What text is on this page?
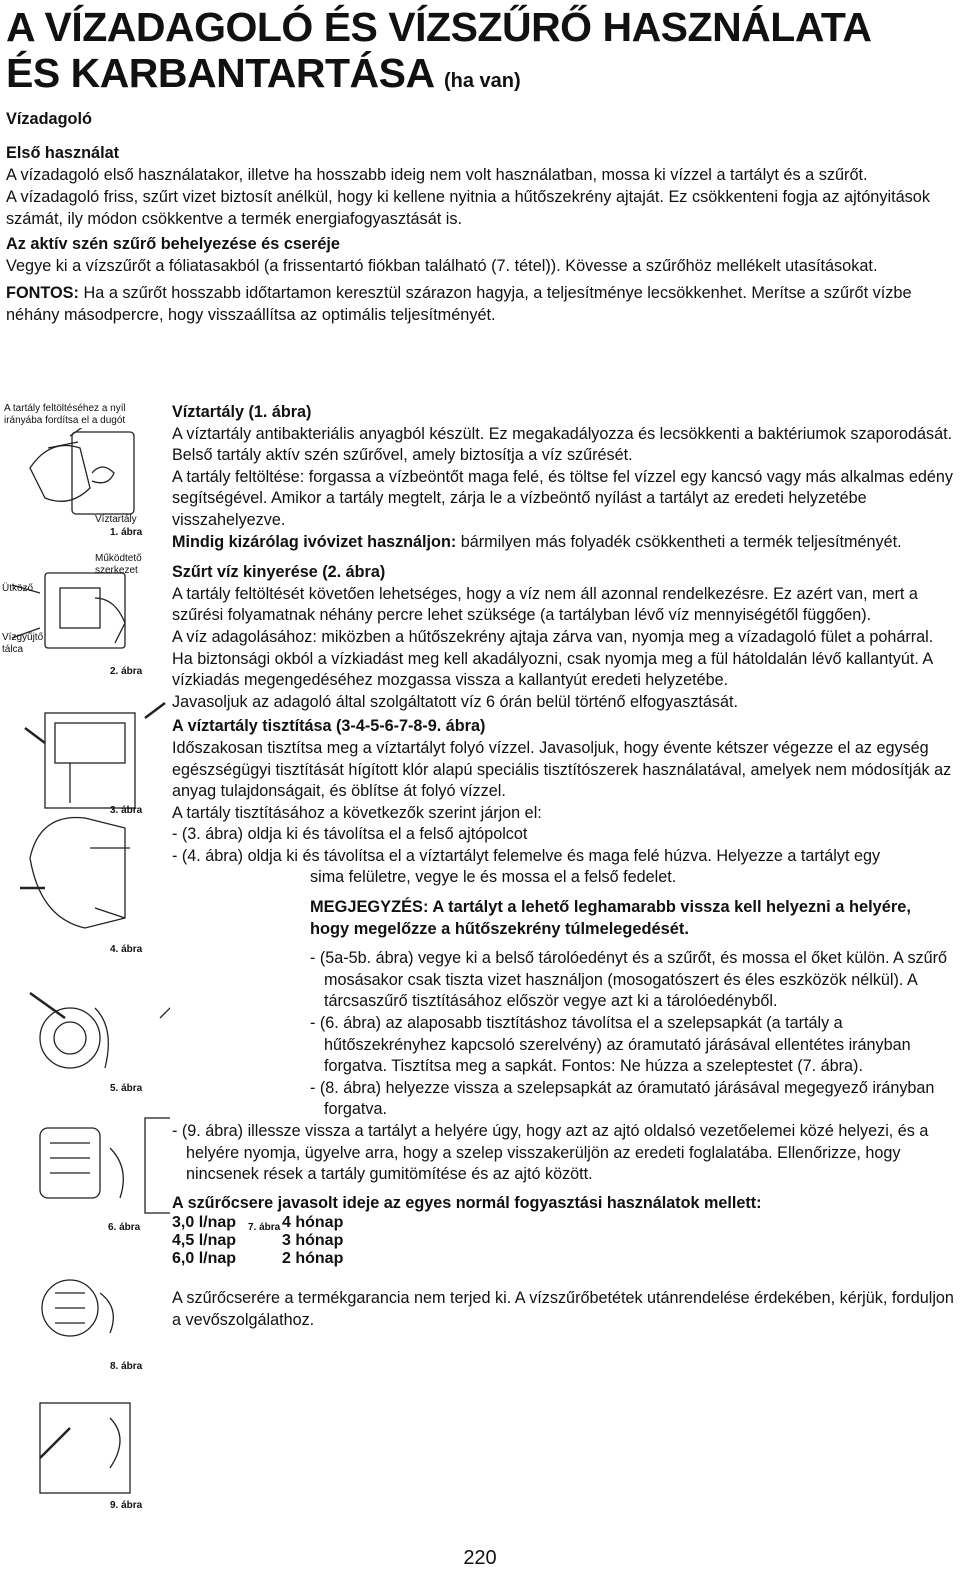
A VÍZADAGOLÓ ÉS VÍZSZŰRŐ HASZNÁLATA
ÉS KARBANTARTÁSA (ha van)

Vízadagoló

Első használat

A vízadagoló első használatakor, illetve ha hosszabb ideig nem volt használatban, mossa ki vízzel a tartályt és a szűrőt.

A vízadagoló friss, szűrt vizet biztosít anélkül, hogy ki kellene nyitnia a hűtőszekrény ajtaját. Ez csökkenteni fogja az ajtónyitások számát, ily módon csökkentve a termék energiafogyasztását is.

Az aktív szén szűrő behelyezése és cseréje

Vegye ki a vízszűrőt a fóliatasakból (a frissentartó fiókban található (7. tétel)). Kövesse a szűrőhöz mellékelt utasításokat.

FONTOS: Ha a szűrőt hosszabb időtartamon keresztül szárazon hagyja, a teljesítménye lecsökkenhet. Merítse a szűrőt vízbe néhány másodpercre, hogy visszaállítsa az optimális teljesítményét.

A tartály feltöltéséhez a nyíl irányába fordítsa el a dugót
Víztartály
1. ábra
Működtető szerkezet
Ütköző
Vízgyűjtő tálca
2. ábra
3. ábra
4. ábra
5. ábra
6. ábra	7. ábra
8. ábra
9. ábra

Víztartály (1. ábra)

A víztartály antibakteriális anyagból készült. Ez megakadályozza és lecsökkenti a baktériumok szaporodását.

Belső tartály aktív szén szűrővel, amely biztosítja a víz szűrését.

A tartály feltöltése: forgassa a vízbeöntőt maga felé, és töltse fel vízzel egy kancsó vagy más alkalmas edény segítségével. Amikor a tartály megtelt, zárja le a vízbeöntő nyílást a tartályt az eredeti helyzetébe visszahelyezve.

Mindig kizárólag ivóvizet használjon: bármilyen más folyadék csökkentheti a termék teljesítményét.

Szűrt víz kinyerése (2. ábra)

A tartály feltöltését követően lehetséges, hogy a víz nem áll azonnal rendelkezésre. Ez azért van, mert a szűrési folyamatnak néhány percre lehet szüksége (a tartályban lévő víz mennyiségétől függően).

A víz adagolásához: miközben a hűtőszekrény ajtaja zárva van, nyomja meg a vízadagoló fület a pohárral.

Ha biztonsági okból a vízkiadást meg kell akadályozni, csak nyomja meg a fül hátoldalán lévő kallantyút. A vízkiadás megengedéséhez mozgassa vissza a kallantyút eredeti helyzetébe.

Javasoljuk az adagoló által szolgáltatott víz 6 órán belül történő elfogyasztását.

A víztartály tisztítása (3-4-5-6-7-8-9. ábra)

Időszakosan tisztítsa meg a víztartályt folyó vízzel. Javasoljuk, hogy évente kétszer végezze el az egység egészségügyi tisztítását hígított klór alapú speciális tisztítószerek használatával, amelyek nem módosítják az anyag tulajdonságait, és öblítse át folyó vízzel.

A tartály tisztításához a következők szerint járjon el:

- (3. ábra) oldja ki és távolítsa el a felső ajtópolcot

- (4. ábra) oldja ki és távolítsa el a víztartályt felemelve és maga felé húzva. Helyezze a tartályt egy

sima felületre, vegye le és mossa el a felső fedelet.

MEGJEGYZÉS: A tartályt a lehető leghamarabb vissza kell helyezni a helyére, hogy megelőzze a hűtőszekrény túlmelegedését.

- (5a-5b. ábra) vegye ki a belső tárolóedényt és a szűrőt, és mossa el őket külön. A szűrő mosásakor csak tiszta vizet használjon (mosogatószert és éles eszközök nélkül). A tárcsaszűrő tisztításához először vegye azt ki a tárolóedényből.

- (6. ábra) az alaposabb tisztításhoz távolítsa el a szelepsapkát (a tartály a hűtőszekrényhez kapcsoló szerelvény) az óramutató járásával ellentétes irányban forgatva. Tisztítsa meg a sapkát. Fontos: Ne húzza a szeleptestet (7. ábra).

- (8. ábra) helyezze vissza a szelepsapkát az óramutató járásával megegyező irányban forgatva.

- (9. ábra) illessze vissza a tartályt a helyére úgy, hogy azt az ajtó oldalsó vezetőelemei közé helyezi, és a helyére nyomja, ügyelve arra, hogy a szelep visszakerüljön az eredeti foglalatába. Ellenőrizze, hogy nincsenek rések a tartály gumitömítése és az ajtó között.

A szűrőcsere javasolt ideje az egyes normál fogyasztási használatok mellett:

3,0 l/nap	4 hónap
4,5 l/nap	3 hónap
6,0 l/nap	2 hónap

A szűrőcserére a termékgarancia nem terjed ki. A vízszűrőbetétek utánrendelése érdekében, kérjük, forduljon a vevőszolgálathoz.

220
